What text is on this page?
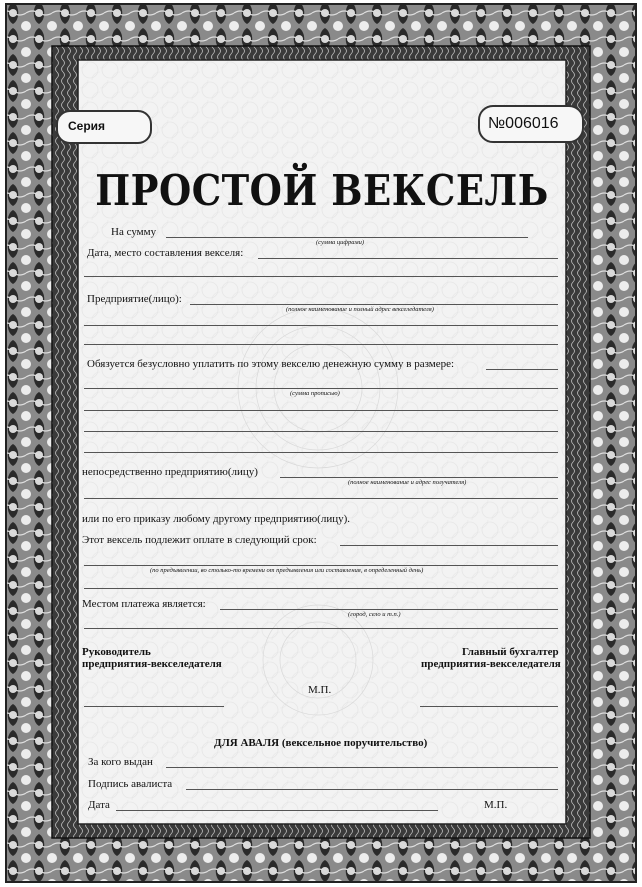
Серия	№006016
ПРОСТОЙ ВЕКСЕЛЬ
На сумму
(сумма цифрами)
Дата, место составления векселя:
Предприятие(лицо):
(полное наименование и полный адрес векселедателя)
Обязуется безусловно уплатить по этому векселю денежную сумму в размере:
(сумма прописью)
непосредственно предприятию(лицу)
(полное наименование и адрес получателя)
или по его приказу любому другому предприятию(лицу).
Этот вексель подлежит оплате в следующий срок:
(по предъявлении, во столько-то времени от предъявления или составления, в определенный день)
Местом платежа является:
(город, село и т.п.)
Руководитель
предприятия-векселедателя
Главный бухгалтер
предприятия-векселедателя
М.П.
ДЛЯ АВАЛЯ (вексельное поручительство)
За кого выдан
Подпись авалиста
Дата	М.П.
